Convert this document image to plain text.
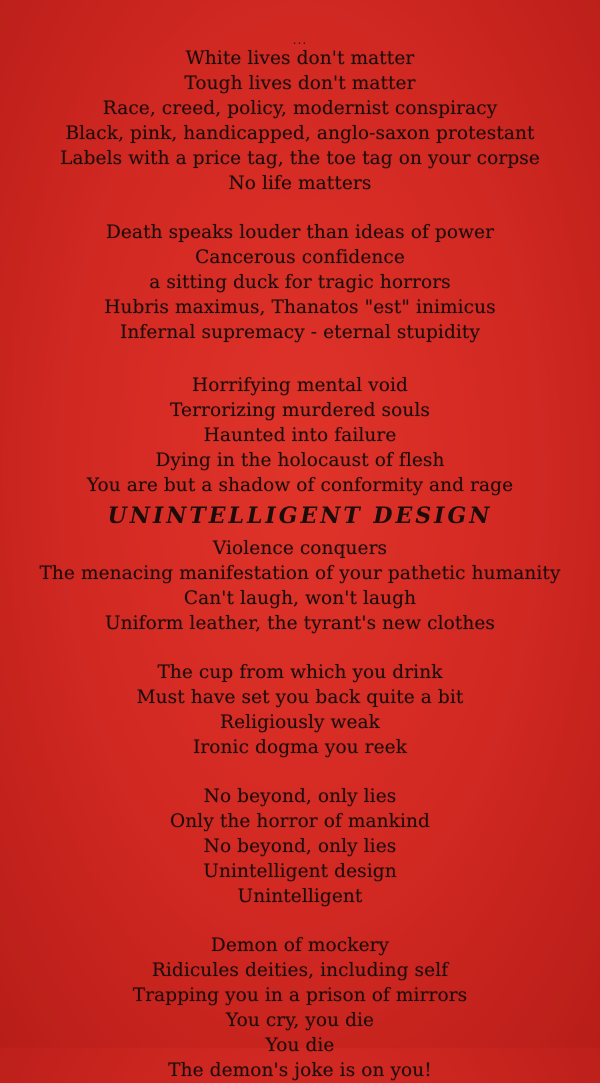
...
White lives don't matter
Tough lives don't matter
Race, creed, policy, modernist conspiracy
Black, pink, handicapped, anglo-saxon protestant
Labels with a price tag, the toe tag on your corpse
No life matters
Death speaks louder than ideas of power
Cancerous confidence
a sitting duck for tragic horrors
Hubris maximus, Thanatos "est" inimicus
Infernal supremacy - eternal stupidity
Horrifying mental void
Terrorizing murdered souls
Haunted into failure
Dying in the holocaust of flesh
You are but a shadow of conformity and rage
UNINTELLIGENT DESIGN
Violence conquers
The menacing manifestation of your pathetic humanity
Can't laugh, won't laugh
Uniform leather, the tyrant's new clothes
The cup from which you drink
Must have set you back quite a bit
Religiously weak
Ironic dogma you reek
No beyond, only lies
Only the horror of mankind
No beyond, only lies
Unintelligent design
Unintelligent
Demon of mockery
Ridicules deities, including self
Trapping you in a prison of mirrors
You cry, you die
You die
The demon's joke is on you!
